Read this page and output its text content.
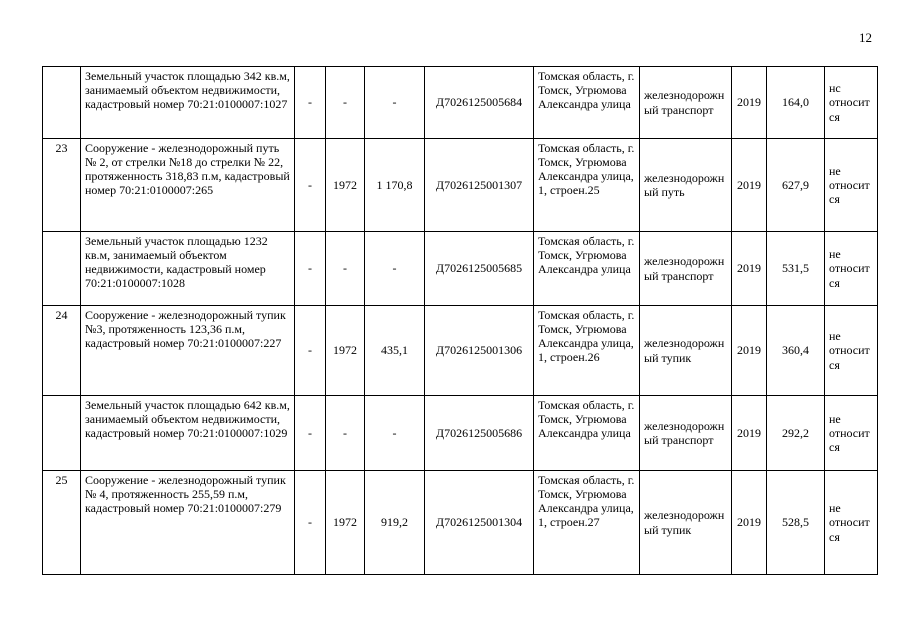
12
	Земельный участок площадью 342 кв.м, занимаемый объектом недвижимости, кадастровый номер 70:21:0100007:1027	-	-	-	Д7026125005684	Томская область, г. Томск, Угрюмова Александра улица	железнодорожный транспорт	2019	164,0	нс относится
23	Сооружение - железнодорожный путь № 2, от стрелки №18 до стрелки № 22, протяженность 318,83 п.м, кадастровый номер 70:21:0100007:265	-	1972	1 170,8	Д7026125001307	Томская область, г. Томск, Угрюмова Александра улица, 1, строен.25	железнодорожный путь	2019	627,9	не относится
	Земельный участок площадью 1232 кв.м, занимаемый объектом недвижимости, кадастровый номер 70:21:0100007:1028	-	-	-	Д7026125005685	Томская область, г. Томск, Угрюмова Александра улица	железнодорожный транспорт	2019	531,5	не относится
24	Сооружение - железнодорожный тупик №3, протяженность 123,36 п.м, кадастровый номер 70:21:0100007:227	-	1972	435,1	Д7026125001306	Томская область, г. Томск, Угрюмова Александра улица, 1, строен.26	железнодорожный тупик	2019	360,4	не относится
	Земельный участок площадью 642 кв.м, занимаемый объектом недвижимости, кадастровый номер 70:21:0100007:1029	-	-	-	Д7026125005686	Томская область, г. Томск, Угрюмова Александра улица	железнодорожный транспорт	2019	292,2	не относится
25	Сооружение - железнодорожный тупик № 4, протяженность 255,59 п.м, кадастровый номер 70:21:0100007:279	-	1972	919,2	Д7026125001304	Томская область, г. Томск, Угрюмова Александра улица, 1, строен.27	железнодорожный тупик	2019	528,5	не относится
